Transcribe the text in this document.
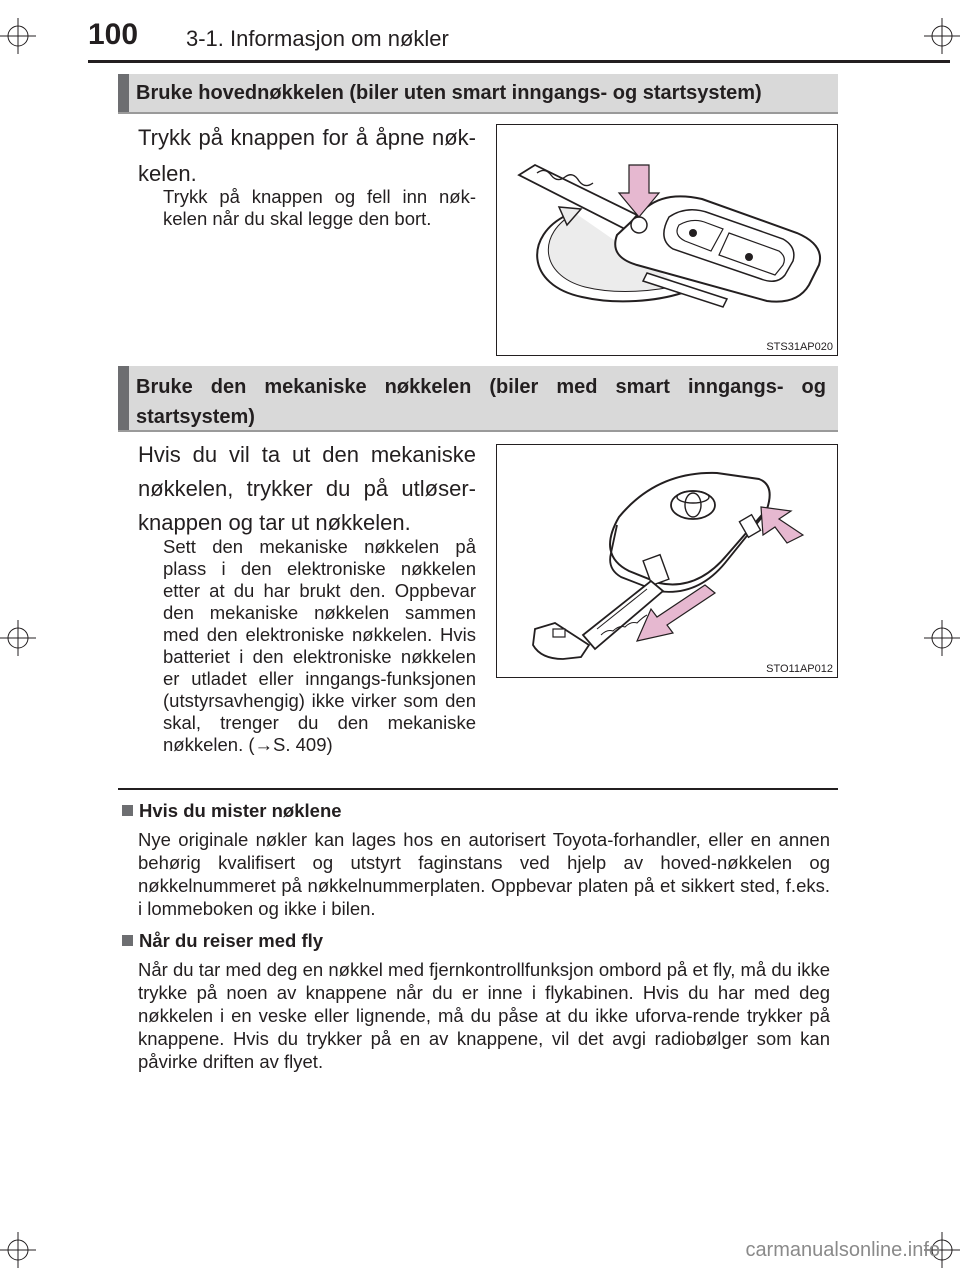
100 3-1. Informasjon om nøkler
Bruke hovednøkkelen (biler uten smart inngangs- og startsystem)
Trykk på knappen for å åpne nøk-kelen.
Trykk på knappen og fell inn nøk-kelen når du skal legge den bort.
STS31AP020
Bruke den mekaniske nøkkelen (biler med smart inngangs- og startsystem)
Hvis du vil ta ut den mekaniske nøkkelen, trykker du på utløser-knappen og tar ut nøkkelen.
Sett den mekaniske nøkkelen på plass i den elektroniske nøkkelen etter at du har brukt den. Oppbevar den mekaniske nøkkelen sammen med den elektroniske nøkkelen. Hvis batteriet i den elektroniske nøkkelen er utladet eller inngangs-funksjonen (utstyrsavhengig) ikke virker som den skal, trenger du den mekaniske nøkkelen. (→S. 409)
STO11AP012
Hvis du mister nøklene
Nye originale nøkler kan lages hos en autorisert Toyota-forhandler, eller en annen behørig kvalifisert og utstyrt faginstans ved hjelp av hoved-nøkkelen og nøkkelnummeret på nøkkelnummerplaten. Oppbevar platen på et sikkert sted, f.eks. i lommeboken og ikke i bilen.
Når du reiser med fly
Når du tar med deg en nøkkel med fjernkontrollfunksjon ombord på et fly, må du ikke trykke på noen av knappene når du er inne i flykabinen. Hvis du har med deg nøkkelen i en veske eller lignende, må du påse at du ikke uforva-rende trykker på knappene. Hvis du trykker på en av knappene, vil det avgi radiobølger som kan påvirke driften av flyet.
carmanualsonline.info
